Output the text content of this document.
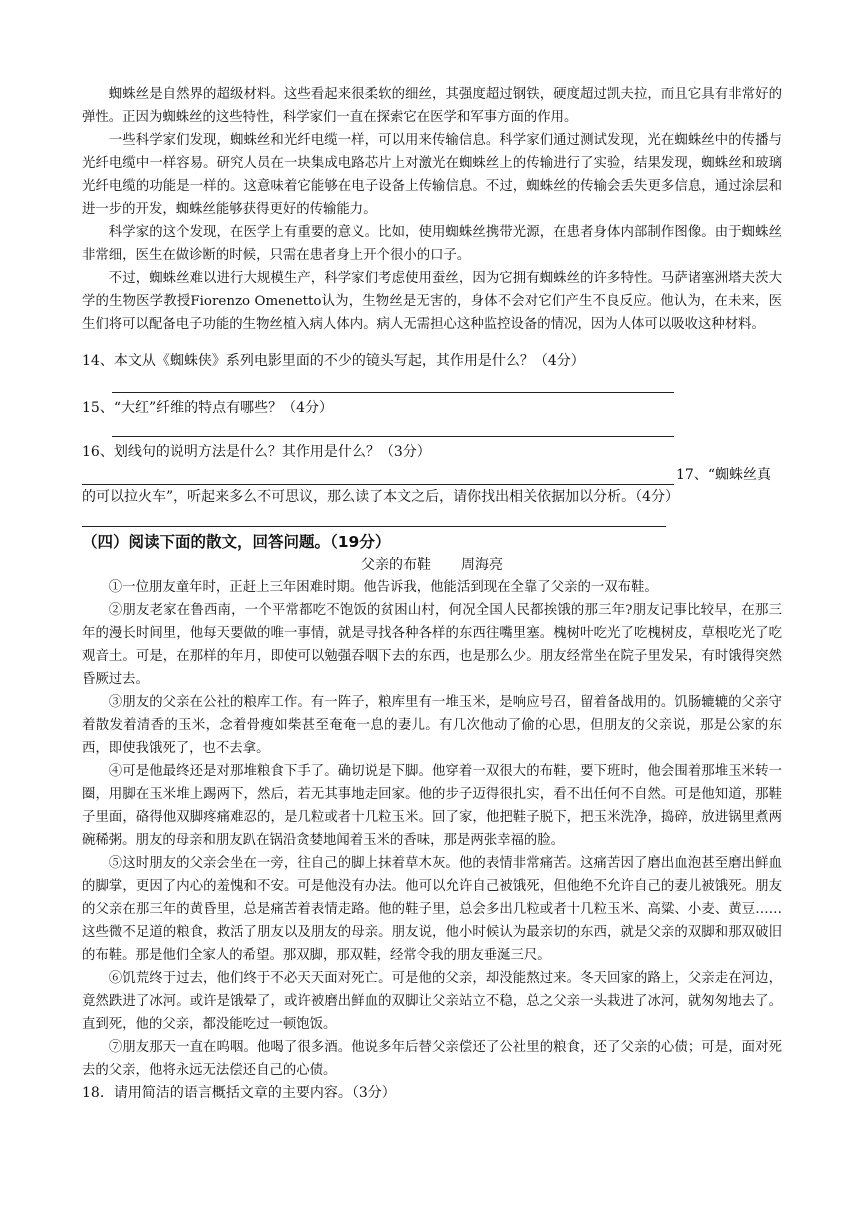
蜘蛛丝是自然界的超级材料。这些看起来很柔软的细丝，其强度超过钢铁，硬度超过凯夫拉，而且它具有非常好的弹性。正因为蜘蛛丝的这些特性，科学家们一直在探索它在医学和军事方面的作用。

一些科学家们发现，蜘蛛丝和光纤电缆一样，可以用来传输信息。科学家们通过测试发现，光在蜘蛛丝中的传播与光纤电缆中一样容易。研究人员在一块集成电路芯片上对激光在蜘蛛丝上的传输进行了实验，结果发现，蜘蛛丝和玻璃光纤电缆的功能是一样的。这意味着它能够在电子设备上传输信息。不过，蜘蛛丝的传输会丢失更多信息，通过涂层和进一步的开发，蜘蛛丝能够获得更好的传输能力。

科学家的这个发现，在医学上有重要的意义。比如，使用蜘蛛丝携带光源，在患者身体内部制作图像。由于蜘蛛丝非常细，医生在做诊断的时候，只需在患者身上开个很小的口子。

不过，蜘蛛丝难以进行大规模生产，科学家们考虑使用蚕丝，因为它拥有蜘蛛丝的许多特性。马萨诸塞洲塔夫茨大学的生物医学教授Fiorenzo Omenetto认为，生物丝是无害的，身体不会对它们产生不良反应。他认为，在未来，医生们将可以配备电子功能的生物丝植入病人体内。病人无需担心这种监控设备的情况，因为人体可以吸收这种材料。

14、本文从《蜘蛛侠》系列电影里面的不少的镜头写起，其作用是什么？（4分）

15、“大红”纤维的特点有哪些？（4分）

16、划线句的说明方法是什么？其作用是什么？（3分）

17、“蜘蛛丝真

的可以拉火车”，听起来多么不可思议，那么读了本文之后，请你找出相关依据加以分析。（4分）

（四）阅读下面的散文，回答问题。（19分）

父亲的布鞋 周海亮

①一位朋友童年时，正赶上三年困难时期。他告诉我，他能活到现在全靠了父亲的一双布鞋。

②朋友老家在鲁西南，一个平常都吃不饱饭的贫困山村，何况全国人民都挨饿的那三年?朋友记事比较早，在那三年的漫长时间里，他每天要做的唯一事情，就是寻找各种各样的东西往嘴里塞。槐树叶吃光了吃槐树皮，草根吃光了吃观音土。可是，在那样的年月，即使可以勉强吞咽下去的东西，也是那么少。朋友经常坐在院子里发呆，有时饿得突然昏厥过去。

③朋友的父亲在公社的粮库工作。有一阵子，粮库里有一堆玉米，是响应号召，留着备战用的。饥肠辘辘的父亲守着散发着清香的玉米，念着骨瘦如柴甚至奄奄一息的妻儿。有几次他动了偷的心思，但朋友的父亲说，那是公家的东西，即使我饿死了，也不去拿。

④可是他最终还是对那堆粮食下手了。确切说是下脚。他穿着一双很大的布鞋，要下班时，他会围着那堆玉米转一圈，用脚在玉米堆上踢两下，然后，若无其事地走回家。他的步子迈得很扎实，看不出任何不自然。可是他知道，那鞋子里面，硌得他双脚疼痛难忍的，是几粒或者十几粒玉米。回了家，他把鞋子脱下，把玉米洗净，捣碎，放进锅里煮两碗稀粥。朋友的母亲和朋友趴在锅沿贪婪地闻着玉米的香味，那是两张幸福的脸。

⑤这时朋友的父亲会坐在一旁，往自己的脚上抹着草木灰。他的表情非常痛苦。这痛苦因了磨出血泡甚至磨出鲜血的脚掌，更因了内心的羞愧和不安。可是他没有办法。他可以允许自己被饿死，但他绝不允许自己的妻儿被饿死。朋友的父亲在那三年的黄昏里，总是痛苦着表情走路。他的鞋子里，总会多出几粒或者十几粒玉米、高粱、小麦、黄豆……这些微不足道的粮食，救活了朋友以及朋友的母亲。朋友说，他小时候认为最亲切的东西，就是父亲的双脚和那双破旧的布鞋。那是他们全家人的希望。那双脚，那双鞋，经常令我的朋友垂涎三尺。

⑥饥荒终于过去，他们终于不必天天面对死亡。可是他的父亲，却没能熬过来。冬天回家的路上，父亲走在河边，竟然跌进了冰河。或许是饿晕了，或许被磨出鲜血的双脚让父亲站立不稳，总之父亲一头栽进了冰河，就匆匆地去了。直到死，他的父亲，都没能吃过一顿饱饭。

⑦朋友那天一直在呜咽。他喝了很多酒。他说多年后替父亲偿还了公社里的粮食，还了父亲的心债；可是，面对死去的父亲，他将永远无法偿还自己的心债。

18．请用简洁的语言概括文章的主要内容。（3分）
